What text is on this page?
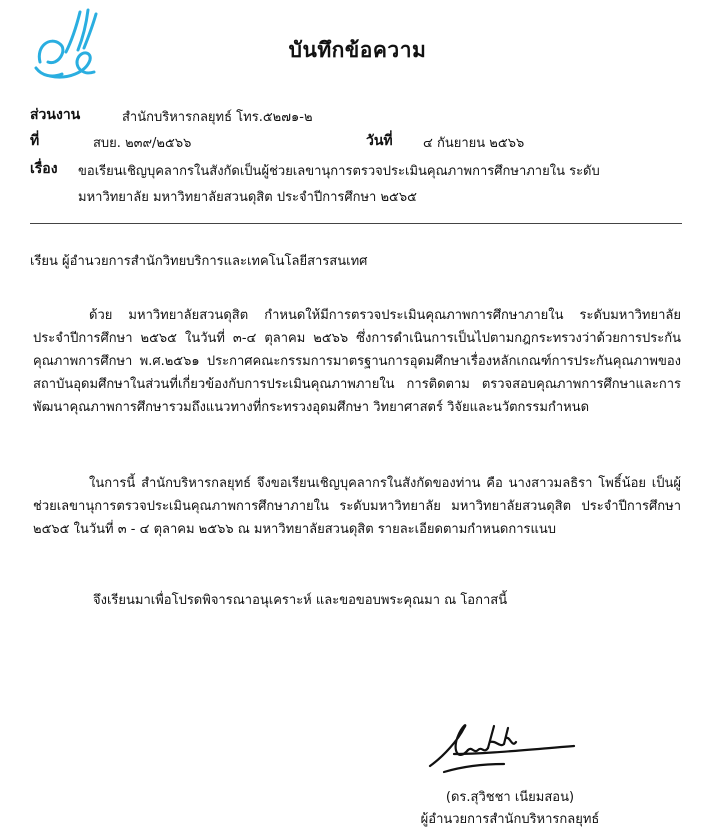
บันทึกข้อความ
ส่วนงาน	สำนักบริหารกลยุทธ์ โทร.๕๒๗๑-๒
ที่	สบย. ๒๓๙/๒๕๖๖	วันที่ ๔ กันยายน ๒๕๖๖
เรื่อง ขอเรียนเชิญบุคลากรในสังกัดเป็นผู้ช่วยเลขานุการตรวจประเมินคุณภาพการศึกษาภายใน ระดับ
มหาวิทยาลัย มหาวิทยาลัยสวนดุสิต ประจำปีการศึกษา ๒๕๖๕
เรียน ผู้อำนวยการสำนักวิทยบริการและเทคโนโลยีสารสนเทศ

ด้วย มหาวิทยาลัยสวนดุสิต กำหนดให้มีการตรวจประเมินคุณภาพการศึกษาภายใน ระดับมหาวิทยาลัย ประจำปีการศึกษา ๒๕๖๕ ในวันที่ ๓-๔ ตุลาคม ๒๕๖๖ ซึ่งการดำเนินการเป็นไปตามกฎกระทรวงว่าด้วยการประกันคุณภาพการศึกษา พ.ศ.๒๕๖๑ ประกาศคณะกรรมการมาตรฐานการอุดมศึกษาเรื่องหลักเกณฑ์การประกันคุณภาพของสถาบันอุดมศึกษาในส่วนที่เกี่ยวข้องกับการประเมินคุณภาพภายใน การติดตาม ตรวจสอบคุณภาพการศึกษาและการพัฒนาคุณภาพการศึกษารวมถึงแนวทางที่กระทรวงอุดมศึกษา วิทยาศาสตร์ วิจัยและนวัตกรรมกำหนด

ในการนี้ สำนักบริหารกลยุทธ์ จึงขอเรียนเชิญบุคลากรในสังกัดของท่าน คือ นางสาวมลธิรา โพธิ์น้อย เป็นผู้ช่วยเลขานุการตรวจประเมินคุณภาพการศึกษาภายใน ระดับมหาวิทยาลัย มหาวิทยาลัยสวนดุสิต ประจำปีการศึกษา ๒๕๖๕ ในวันที่ ๓ - ๔ ตุลาคม ๒๕๖๖ ณ มหาวิทยาลัยสวนดุสิต รายละเอียดตามกำหนดการแนบ

จึงเรียนมาเพื่อโปรดพิจารณาอนุเคราะห์ และขอขอบพระคุณมา ณ โอกาสนี้
(ดร.สุวิชชา เนียมสอน)
ผู้อำนวยการสำนักบริหารกลยุทธ์
